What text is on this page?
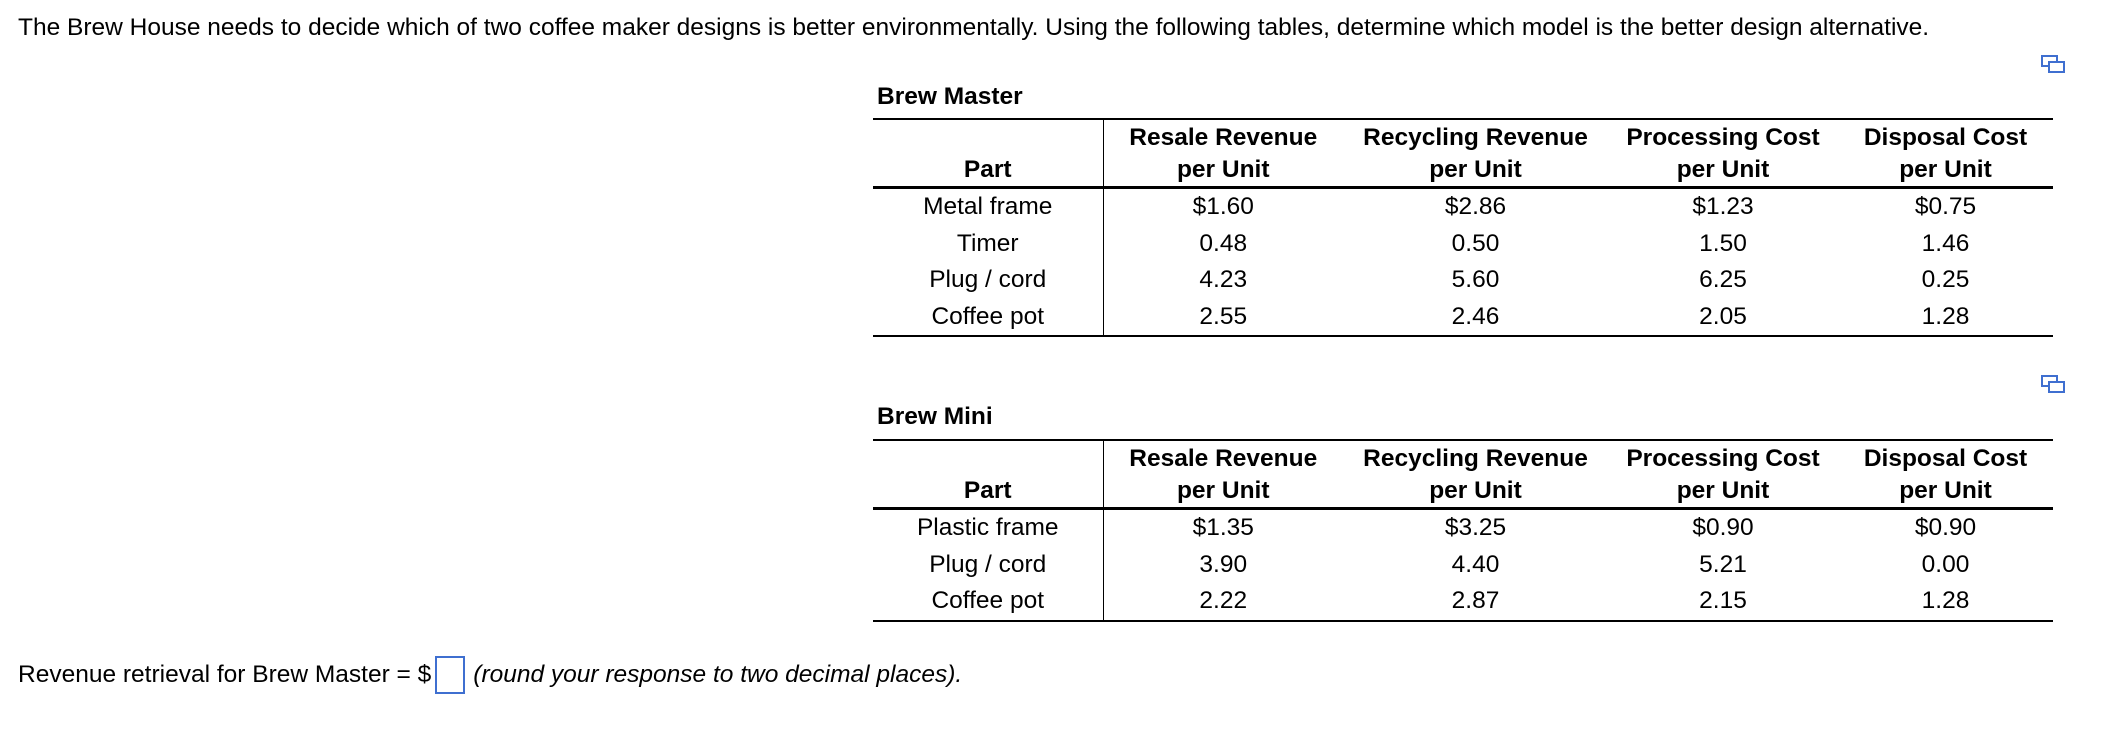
The Brew House needs to decide which of two coffee maker designs is better environmentally. Using the following tables, determine which model is the better design alternative.
Brew Master
	Resale Revenue	Recycling Revenue	Processing Cost	Disposal Cost
Part	per Unit	per Unit	per Unit	per Unit
Metal frame	$1.60	$2.86	$1.23	$0.75
Timer	0.48	0.50	1.50	1.46
Plug / cord	4.23	5.60	6.25	0.25
Coffee pot	2.55	2.46	2.05	1.28
Brew Mini
	Resale Revenue	Recycling Revenue	Processing Cost	Disposal Cost
Part	per Unit	per Unit	per Unit	per Unit
Plastic frame	$1.35	$3.25	$0.90	$0.90
Plug / cord	3.90	4.40	5.21	0.00
Coffee pot	2.22	2.87	2.15	1.28
Revenue retrieval for Brew Master = $ (round your response to two decimal places).
